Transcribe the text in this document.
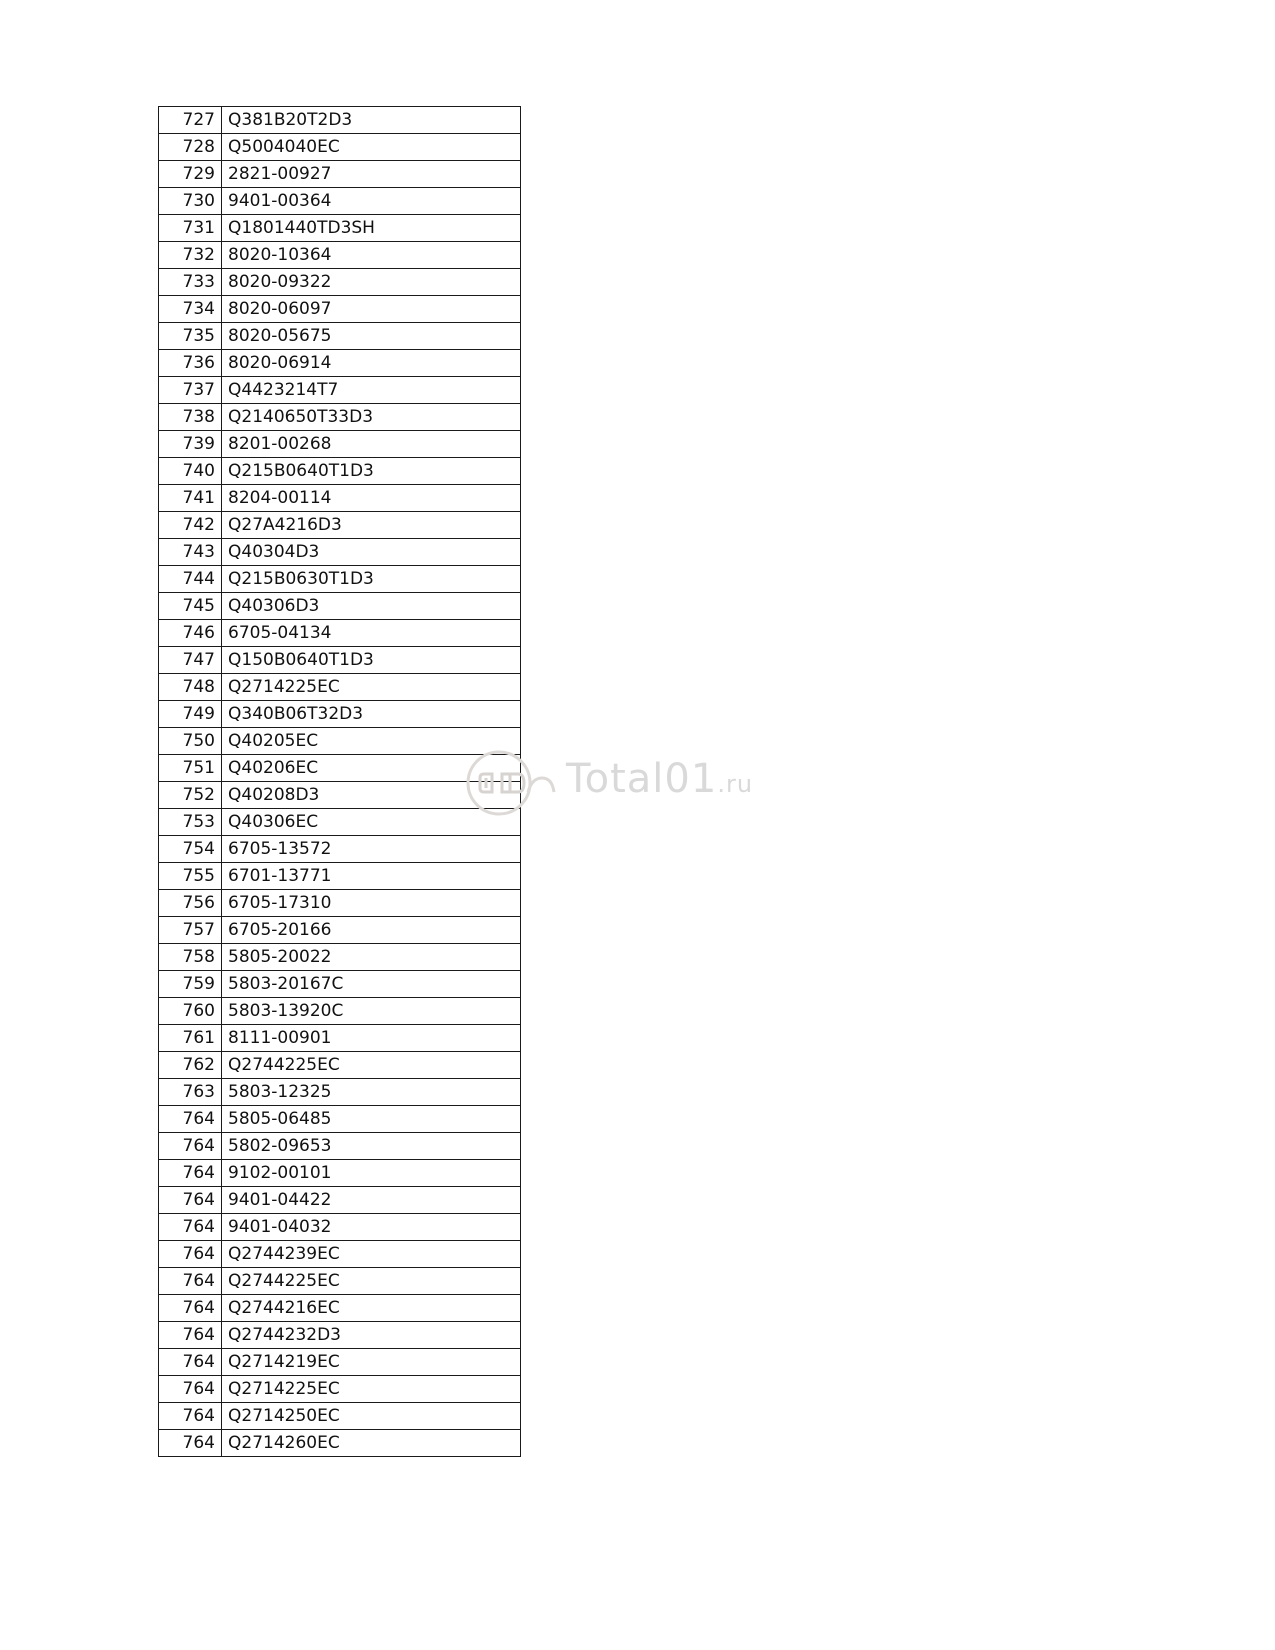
727	Q381B20T2D3
728	Q5004040EC
729	2821-00927
730	9401-00364
731	Q1801440TD3SH
732	8020-10364
733	8020-09322
734	8020-06097
735	8020-05675
736	8020-06914
737	Q4423214T7
738	Q2140650T33D3
739	8201-00268
740	Q215B0640T1D3
741	8204-00114
742	Q27A4216D3
743	Q40304D3
744	Q215B0630T1D3
745	Q40306D3
746	6705-04134
747	Q150B0640T1D3
748	Q2714225EC
749	Q340B06T32D3
750	Q40205EC
751	Q40206EC
752	Q40208D3
753	Q40306EC
754	6705-13572
755	6701-13771
756	6705-17310
757	6705-20166
758	5805-20022
759	5803-20167C
760	5803-13920C
761	8111-00901
762	Q2744225EC
763	5803-12325
764	5805-06485
764	5802-09653
764	9102-00101
764	9401-04422
764	9401-04032
764	Q2744239EC
764	Q2744225EC
764	Q2744216EC
764	Q2744232D3
764	Q2714219EC
764	Q2714225EC
764	Q2714250EC
764	Q2714260EC
Total01.ru
